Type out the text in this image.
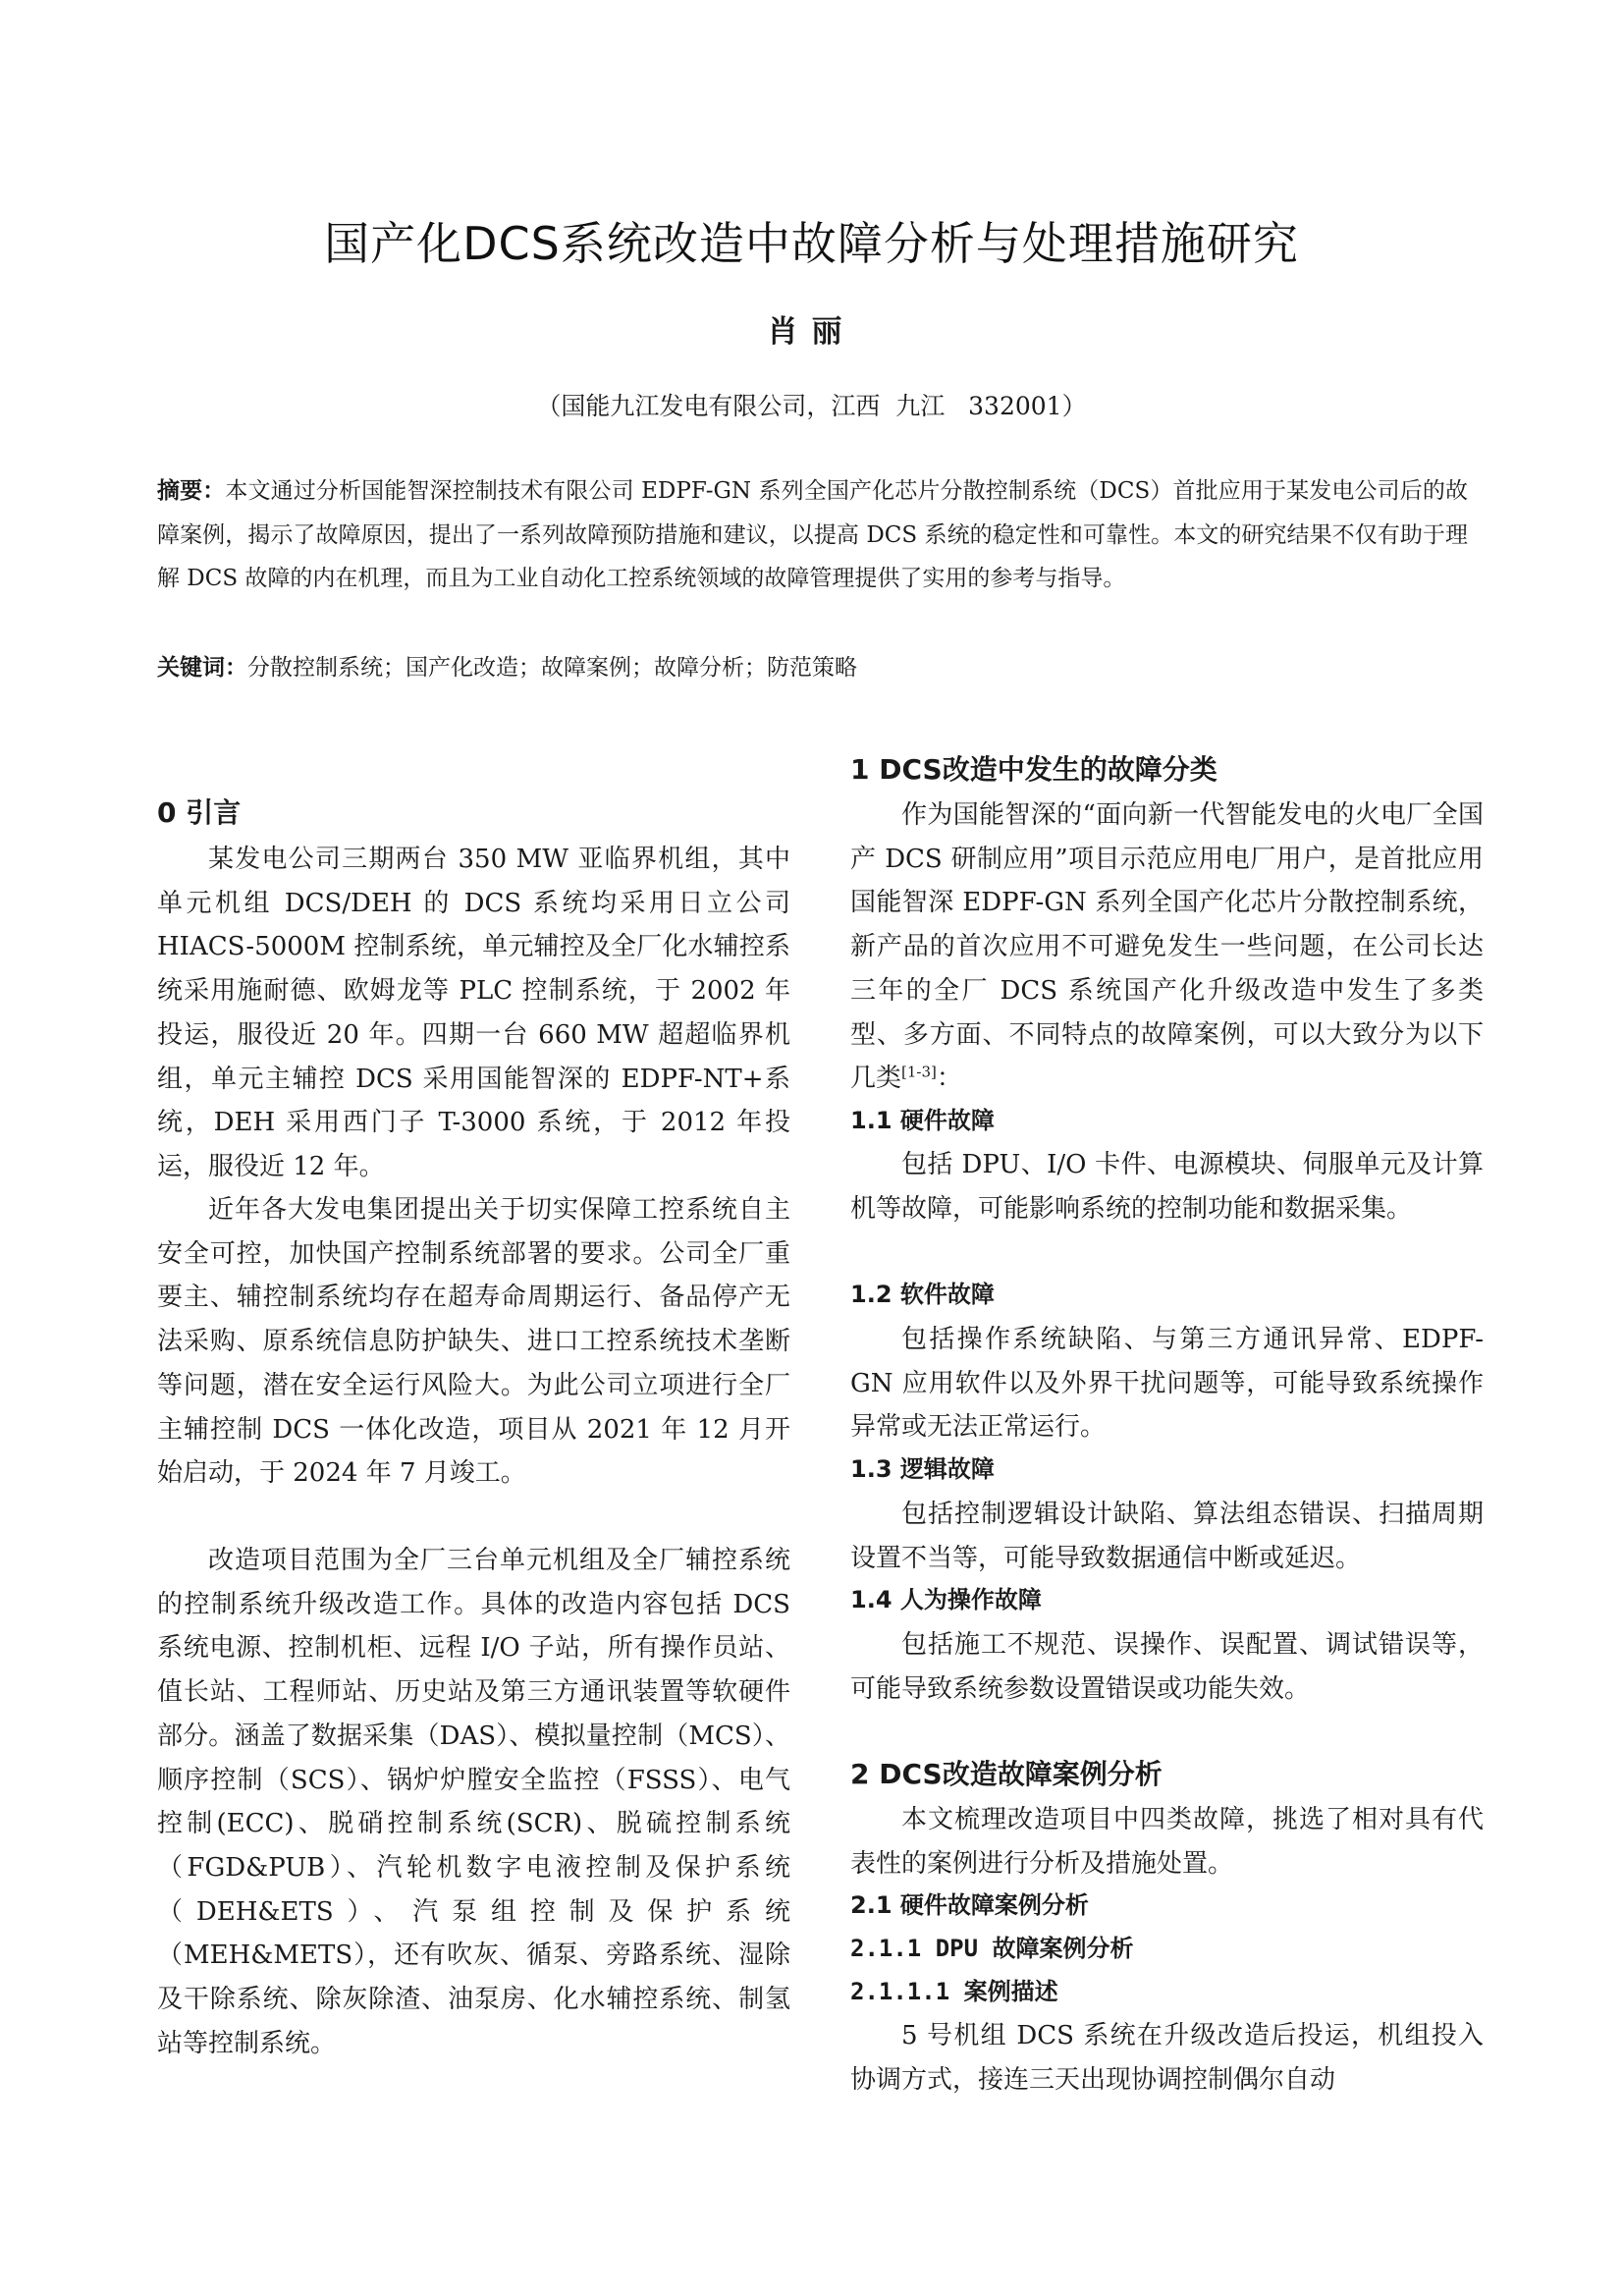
国产化DCS系统改造中故障分析与处理措施研究
肖丽
（国能九江发电有限公司，江西  九江   332001）

摘要：本文通过分析国能智深控制技术有限公司 EDPF-GN 系列全国产化芯片分散控制系统（DCS）首批应用于某发电公司后的故障案例，揭示了故障原因，提出了一系列故障预防措施和建议，以提高 DCS 系统的稳定性和可靠性。本文的研究结果不仅有助于理解 DCS 故障的内在机理，而且为工业自动化工控系统领域的故障管理提供了实用的参考与指导。

关键词：分散控制系统；国产化改造；故障案例；故障分析；防范策略

0 引言

某发电公司三期两台 350 MW 亚临界机组，其中单元机组 DCS/DEH 的 DCS 系统均采用日立公司 HIACS-5000M 控制系统，单元辅控及全厂化水辅控系统采用施耐德、欧姆龙等 PLC 控制系统，于 2002 年投运，服役近 20 年。四期一台 660 MW 超超临界机组，单元主辅控 DCS 采用国能智深的 EDPF-NT+系统，DEH 采用西门子 T-3000 系统，于 2012 年投运，服役近 12 年。

近年各大发电集团提出关于切实保障工控系统自主安全可控，加快国产控制系统部署的要求。公司全厂重要主、辅控制系统均存在超寿命周期运行、备品停产无法采购、原系统信息防护缺失、进口工控系统技术垄断等问题，潜在安全运行风险大。为此公司立项进行全厂主辅控制 DCS 一体化改造，项目从 2021 年 12 月开始启动，于 2024 年 7 月竣工。

改造项目范围为全厂三台单元机组及全厂辅控系统的控制系统升级改造工作。具体的改造内容包括 DCS 系统电源、控制机柜、远程 I/O 子站，所有操作员站、值长站、工程师站、历史站及第三方通讯装置等软硬件部分。涵盖了数据采集（DAS）、模拟量控制（MCS）、顺序控制（SCS）、锅炉炉膛安全监控（FSSS）、电气控制(ECC)、脱硝控制系统(SCR)、脱硫控制系统（FGD&PUB）、汽轮机数字电液控制及保护系统（DEH&ETS）、汽泵组控制及保护系统（MEH&METS），还有吹灰、循泵、旁路系统、湿除及干除系统、除灰除渣、油泵房、化水辅控系统、制氢站等控制系统。

1 DCS改造中发生的故障分类

作为国能智深的“面向新一代智能发电的火电厂全国产 DCS 研制应用”项目示范应用电厂用户，是首批应用国能智深 EDPF-GN 系列全国产化芯片分散控制系统，新产品的首次应用不可避免发生一些问题，在公司长达三年的全厂 DCS 系统国产化升级改造中发生了多类型、多方面、不同特点的故障案例，可以大致分为以下几类[1-3]：

1.1 硬件故障

包括 DPU、I/O 卡件、电源模块、伺服单元及计算机等故障，可能影响系统的控制功能和数据采集。

1.2 软件故障

包括操作系统缺陷、与第三方通讯异常、EDPF-GN 应用软件以及外界干扰问题等，可能导致系统操作异常或无法正常运行。

1.3 逻辑故障

包括控制逻辑设计缺陷、算法组态错误、扫描周期设置不当等，可能导致数据通信中断或延迟。

1.4 人为操作故障

包括施工不规范、误操作、误配置、调试错误等，可能导致系统参数设置错误或功能失效。

2 DCS改造故障案例分析

本文梳理改造项目中四类故障，挑选了相对具有代表性的案例进行分析及措施处置。

2.1 硬件故障案例分析
2.1.1 DPU 故障案例分析
2.1.1.1 案例描述

5 号机组 DCS 系统在升级改造后投运，机组投入协调方式，接连三天出现协调控制偶尔自动
